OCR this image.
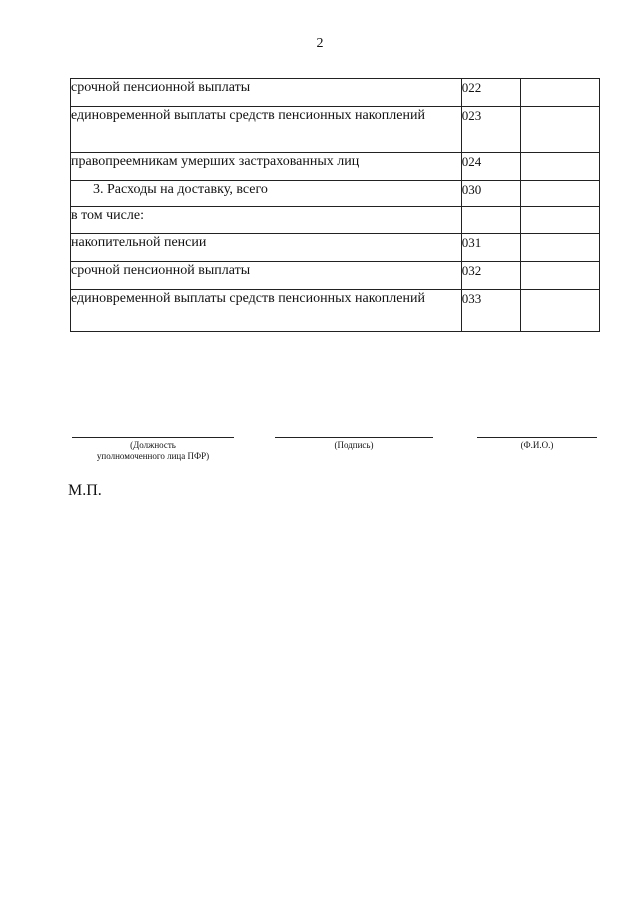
2
срочной пенсионной выплаты	022	
единовременной выплаты средств пенсионных накоплений	023	
правопреемникам умерших застрахованных лиц	024	
3. Расходы на доставку, всего	030	
в том числе:		
накопительной пенсии	031	
срочной пенсионной выплаты	032	
единовременной выплаты средств пенсионных накоплений	033	
(Должность
уполномоченного лица ПФР)
(Подпись)	(Ф.И.О.)
М.П.
